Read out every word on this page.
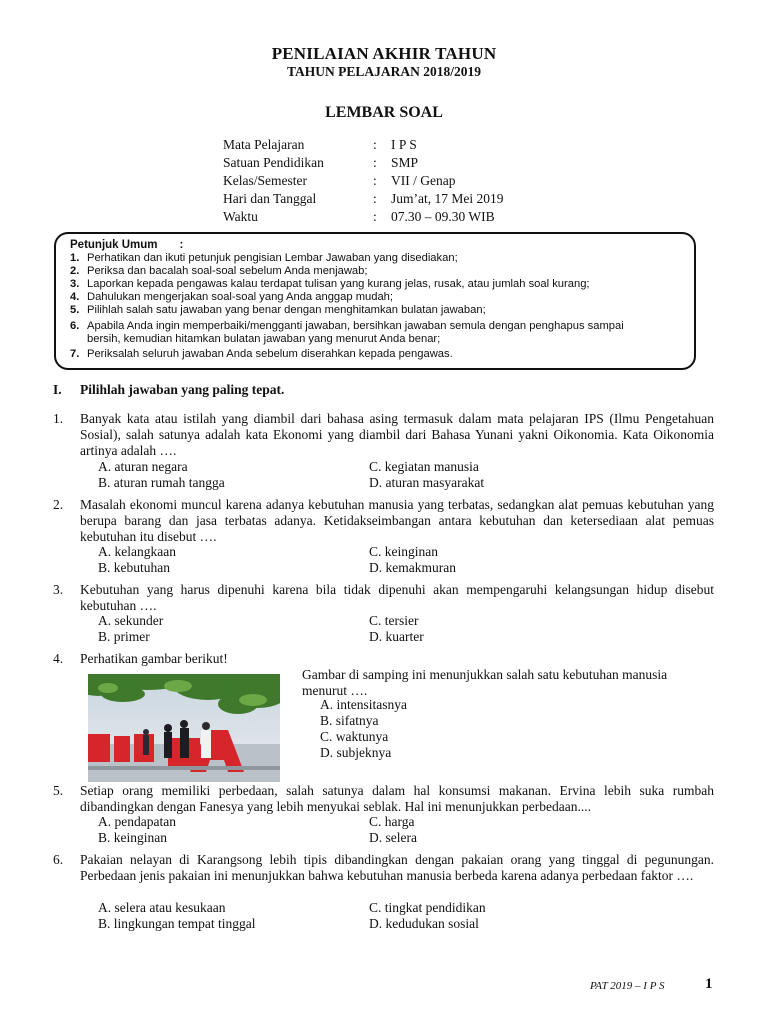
PENILAIAN AKHIR TAHUN
TAHUN PELAJARAN 2018/2019
LEMBAR SOAL
Mata Pelajaran	: I P S
Satuan Pendidikan	: SMP
Kelas/Semester	: VII / Genap
Hari dan Tanggal	: Jum’at, 17 Mei 2019
Waktu	: 07.30 – 09.30 WIB
Petunjuk Umum :
1. Perhatikan dan ikuti petunjuk pengisian Lembar Jawaban yang disediakan;
2. Periksa dan bacalah soal-soal sebelum Anda menjawab;
3. Laporkan kepada pengawas kalau terdapat tulisan yang kurang jelas, rusak, atau jumlah soal kurang;
4. Dahulukan mengerjakan soal-soal yang Anda anggap mudah;
5. Pilihlah salah satu jawaban yang benar dengan menghitamkan bulatan jawaban;
6. Apabila Anda ingin memperbaiki/mengganti jawaban, bersihkan jawaban semula dengan penghapus sampai
bersih, kemudian hitamkan bulatan jawaban yang menurut Anda benar;
7. Periksalah seluruh jawaban Anda sebelum diserahkan kepada pengawas.
I. Pilihlah jawaban yang paling tepat.
1. Banyak kata atau istilah yang diambil dari bahasa asing termasuk dalam mata pelajaran IPS (Ilmu Pengetahuan Sosial), salah satunya adalah kata Ekonomi yang diambil dari Bahasa Yunani yakni Oikonomia. Kata Oikonomia artinya adalah ….
A. aturan negara	C. kegiatan manusia
B. aturan rumah tangga	D. aturan masyarakat
2. Masalah ekonomi muncul karena adanya kebutuhan manusia yang terbatas, sedangkan alat pemuas kebutuhan yang berupa barang dan jasa terbatas adanya. Ketidakseimbangan antara kebutuhan dan ketersediaan alat pemuas kebutuhan itu disebut ….
A. kelangkaan	C. keinginan
B. kebutuhan	D. kemakmuran
3. Kebutuhan yang harus dipenuhi karena bila tidak dipenuhi akan mempengaruhi kelangsungan hidup disebut kebutuhan ….
A. sekunder	C. tersier
B. primer	D. kuarter
4. Perhatikan gambar berikut!
Gambar di samping ini menunjukkan salah satu kebutuhan manusia menurut ….
A. intensitasnya
B. sifatnya
C. waktunya
D. subjeknya
5. Setiap orang memiliki perbedaan, salah satunya dalam hal konsumsi makanan. Ervina lebih suka rumbah dibandingkan dengan Fanesya yang lebih menyukai seblak. Hal ini menunjukkan perbedaan....
A. pendapatan	C. harga
B. keinginan	D. selera
6. Pakaian nelayan di Karangsong lebih tipis dibandingkan dengan pakaian orang yang tinggal di pegunungan. Perbedaan jenis pakaian ini menunjukkan bahwa kebutuhan manusia berbeda karena adanya perbedaan faktor ….
A. selera atau kesukaan	C. tingkat pendidikan
B. lingkungan tempat tinggal	D. kedudukan sosial
PAT 2019 – I P S	1
